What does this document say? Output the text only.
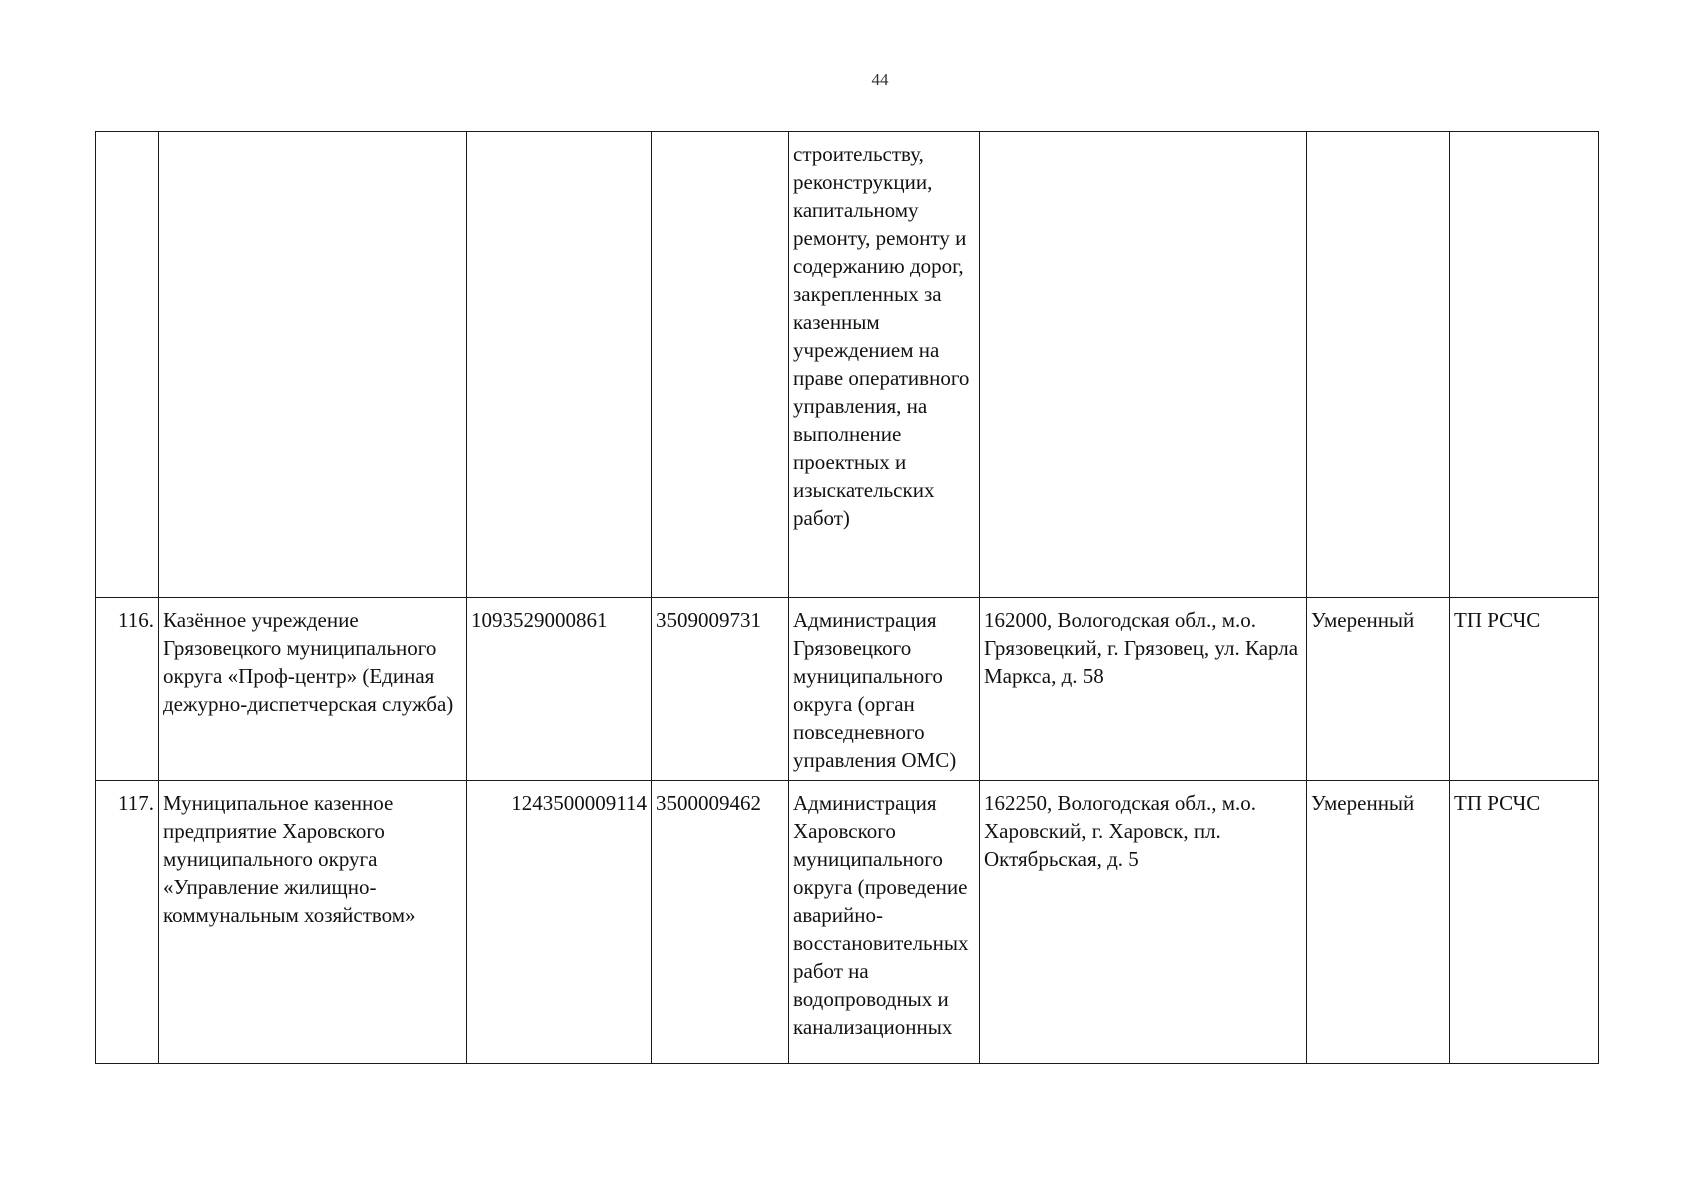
44
				строительству, реконструкции, капитальному ремонту, ремонту и содержанию дорог, закрепленных за казенным учреждением на праве оперативного управления, на выполнение проектных и изыскательских работ)			
116.	Казённое учреждение Грязовецкого муниципального округа «Проф-центр» (Единая дежурно-диспетчерская служба)	1093529000861	3509009731	Администрация Грязовецкого муниципального округа (орган повседневного управления ОМС)	162000, Вологодская обл., м.о. Грязовецкий, г. Грязовец, ул. Карла Маркса, д. 58	Умеренный	ТП РСЧС
117.	Муниципальное казенное предприятие Харовского муниципального округа «Управление жилищно-коммунальным хозяйством»	1243500009114	3500009462	Администрация Харовского муниципального округа (проведение аварийно-восстановительных работ на водопроводных и канализационных	162250, Вологодская обл., м.о. Харовский, г. Харовск, пл. Октябрьская, д. 5	Умеренный	ТП РСЧС
